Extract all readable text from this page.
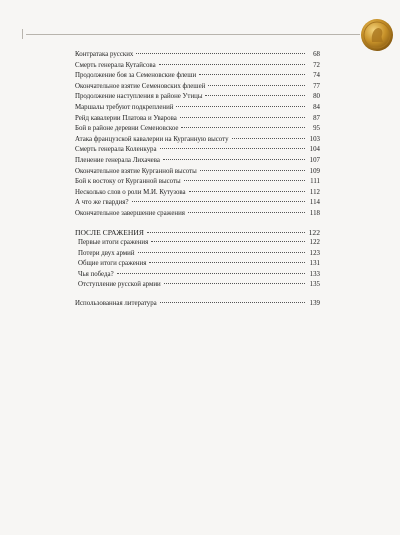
Контратака русских	68
Смерть генерала Кутайсова	72
Продолжение боя за Семеновские флеши	74
Окончательное взятие Семеновских флешей	77
Продолжение наступления в районе Утицы	80
Маршалы требуют подкреплений	84
Рейд кавалерии Платова и Уварова	87
Бой в районе деревни Семеновское	95
Атака французской кавалерии на Курганную высоту	103
Смерть генерала Коленкура	104
Пленение генерала Лихачева	107
Окончательное взятие Курганной высоты	109
Бой к востоку от Курганной высоты	111
Несколько слов о роли М.И. Кутузова	112
А что же гвардия?	114
Окончательное завершение сражения	118
ПОСЛЕ СРАЖЕНИЯ	122
Первые итоги сражения	122
Потери двух армий	123
Общие итоги сражения	131
Чья победа?	133
Отступление русской армии	135
Использованная литература	139
